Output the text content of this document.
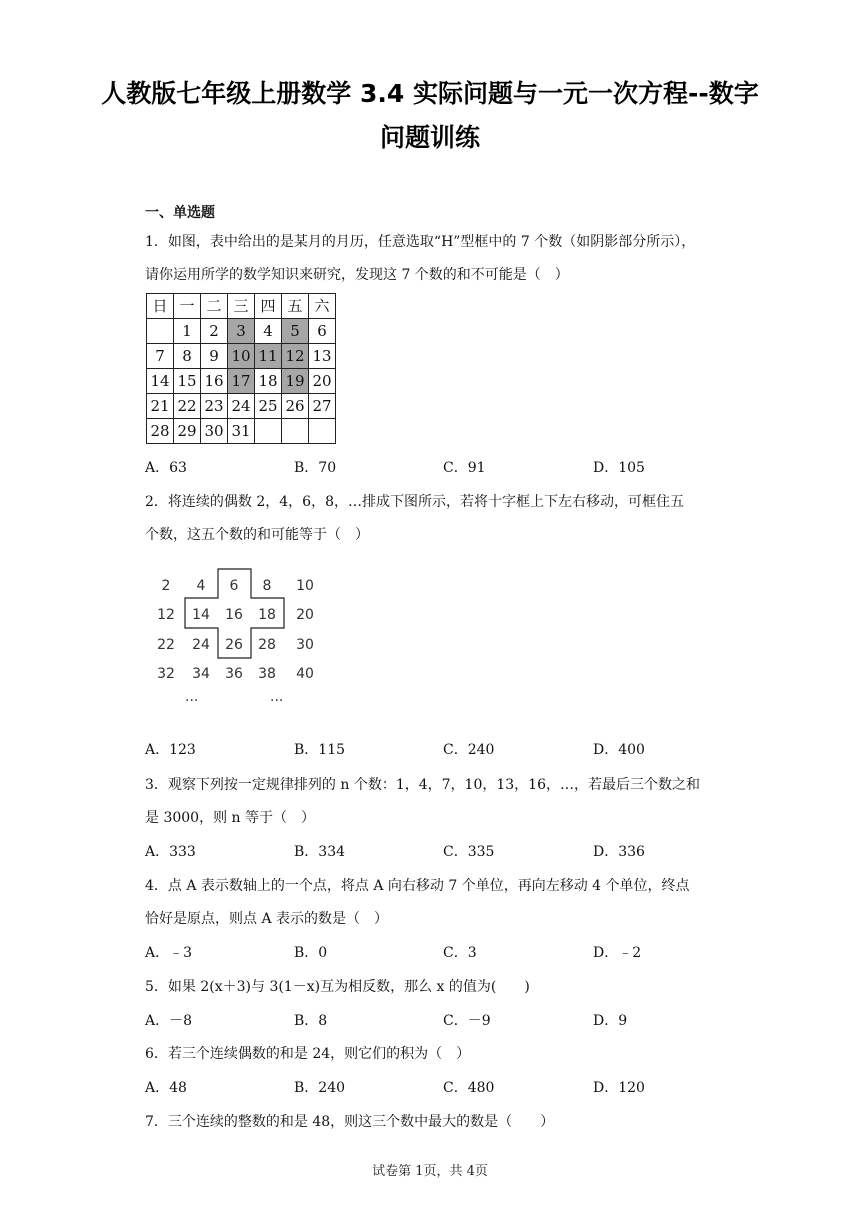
人教版七年级上册数学 3.4 实际问题与一元一次方程--数字
问题训练
一、单选题
1．如图，表中给出的是某月的月历，任意选取“H”型框中的 7 个数（如阴影部分所示），
请你运用所学的数学知识来研究，发现这 7 个数的和不可能是（　）
日	一	二	三	四	五	六
	1	2	3	4	5	6
7	8	9	10	11	12	13
14	15	16	17	18	19	20
21	22	23	24	25	26	27
28	29	30	31			
A．63	B．70	C．91	D．105
2．将连续的偶数 2，4，6，8，…排成下图所示，若将十字框上下左右移动，可框住五
个数，这五个数的和可能等于（　）
2	4	6	8	10
12	14	16	18	20
22	24	26	28	30
32	34	36	38	40
...	...
A．123	B．115	C．240	D．400
3．观察下列按一定规律排列的 n 个数：1，4，7，10，13，16，…，若最后三个数之和
是 3000，则 n 等于（　）
A．333	B．334	C．335	D．336
4．点 A 表示数轴上的一个点，将点 A 向右移动 7 个单位，再向左移动 4 个单位，终点
恰好是原点，则点 A 表示的数是（　）
A．﹣3	B．0	C．3	D．﹣2
5．如果 2(x＋3)与 3(1－x)互为相反数，那么 x 的值为(　　)
A．－8	B．8	C．－9	D．9
6．若三个连续偶数的和是 24，则它们的积为（　）
A．48	B．240	C．480	D．120
7．三个连续的整数的和是 48，则这三个数中最大的数是（　　）
试卷第 1页，共 4页
